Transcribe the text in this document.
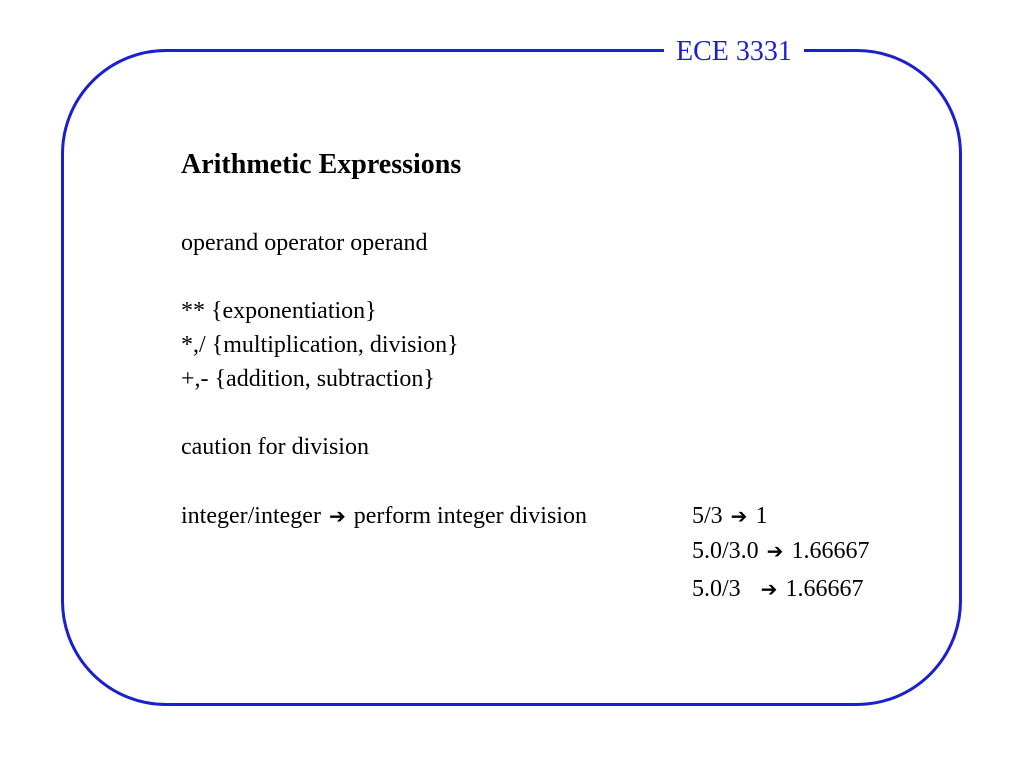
ECE 3331
Arithmetic Expressions
operand operator operand
** {exponentiation}
*,/ {multiplication, division}
+,- {addition, subtraction}
caution for division
integer/integer ➔ perform integer division	5/3 ➔ 1
5.0/3.0 ➔ 1.66667
5.0/3 ➔ 1.66667
